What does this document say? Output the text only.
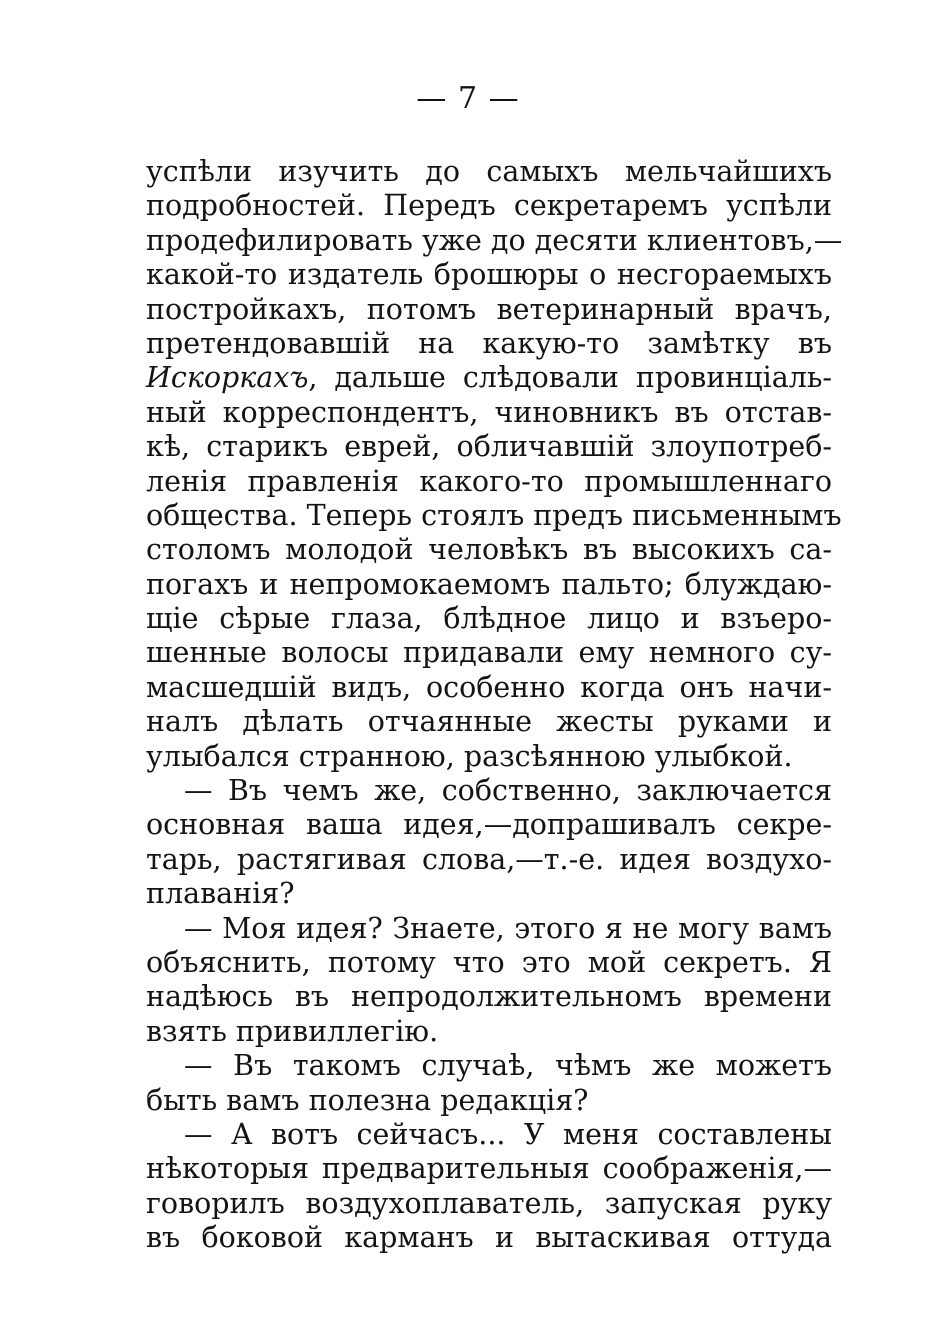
— 7 —
успѣли изучить до самыхъ мельчайшихъ
подробностей. Передъ секретаремъ успѣли
продефилировать уже до десяти клиентовъ,—
какой-то издатель брошюры о несгораемыхъ
постройкахъ, потомъ ветеринарный врачъ,
претендовавшій на какую-то замѣтку въ
Искоркахъ, дальше слѣдовали провинціаль-
ный корреспондентъ, чиновникъ въ отстав-
кѣ, старикъ еврей, обличавшій злоупотреб-
ленія правленія какого-то промышленнаго
общества. Теперь стоялъ предъ письменнымъ
столомъ молодой человѣкъ въ высокихъ са-
погахъ и непромокаемомъ пальто; блуждаю-
щіе сѣрые глаза, блѣдное лицо и взъеро-
шенные волосы придавали ему немного су-
масшедшій видъ, особенно когда онъ начи-
налъ дѣлать отчаянные жесты руками и
улыбался странною, разсѣянною улыбкой.
— Въ чемъ же, собственно, заключается
основная ваша идея,—допрашивалъ секре-
тарь, растягивая слова,—т.-е. идея воздухо-
плаванія?
— Моя идея? Знаете, этого я не могу вамъ
объяснить, потому что это мой секретъ. Я
надѣюсь въ непродолжительномъ времени
взять привиллегію.
— Въ такомъ случаѣ, чѣмъ же можетъ
быть вамъ полезна редакція?
— А вотъ сейчасъ... У меня составлены
нѣкоторыя предварительныя соображенія,—
говорилъ воздухоплаватель, запуская руку
въ боковой карманъ и вытаскивая оттуда
